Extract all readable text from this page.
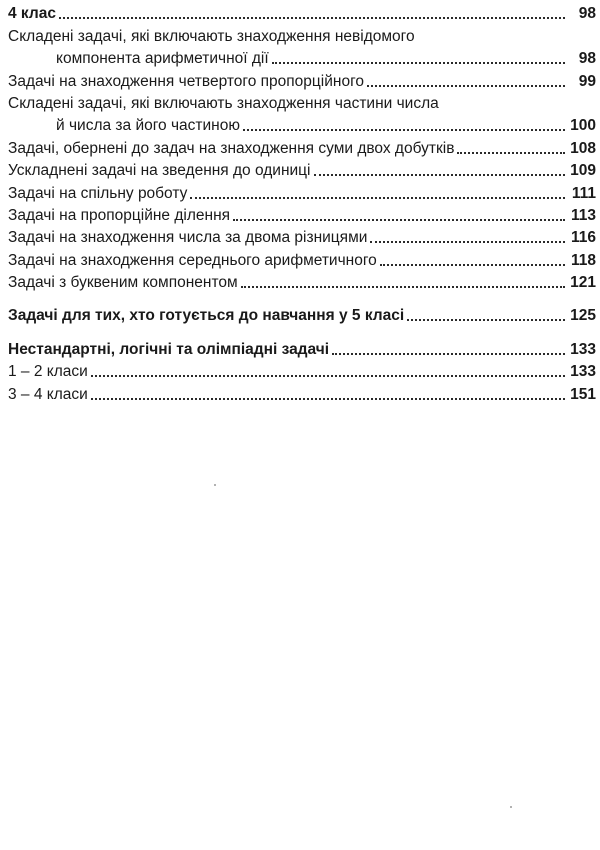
4 клас	98
Складені задачі, які включають знаходження невідомого
компонента арифметичної дії	98
Задачі на знаходження четвертого пропорційного	99
Складені задачі, які включають знаходження частини числа
й числа за його частиною	100
Задачі, обернені до задач на знаходження суми двох добутків	108
Ускладнені задачі на зведення до одиниці	109
Задачі на спільну роботу	111
Задачі на пропорційне ділення	113
Задачі на знаходження числа за двома різницями	116
Задачі на знаходження середнього арифметичного	118
Задачі з буквеним компонентом	121
Задачі для тих, хто готується до навчання у 5 класі	125
Нестандартні, логічні та олімпіадні задачі	133
1 – 2 класи	133
3 – 4 класи	151
